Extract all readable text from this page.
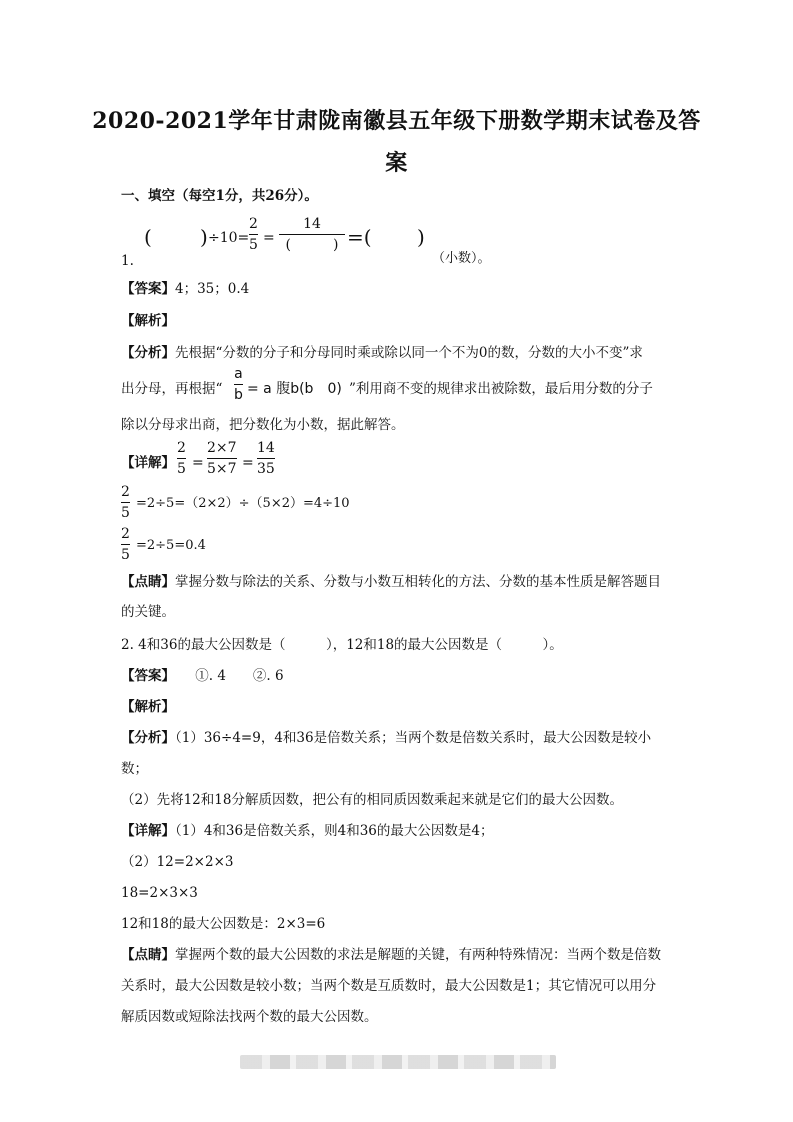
2020-2021学年甘肃陇南徽县五年级下册数学期末试卷及答
案
一、填空（每空1分，共26分）。
( ) ÷10=
2
5 =
14
(　　　) =( )
1.	（小数）。
【答案】4；35；0.4
【解析】
【分析】先根据“分数的分子和分母同时乘或除以同一个不为0的数，分数的大小不变”求
出分母，再根据“
a
b = a 腹b(b　0) ”利用商不变的规律求出被除数，最后用分数的分子
除以分母求出商，把分数化为小数，据此解答。
【详解】
2
5 =
2×7
5×7 =
14
35
2
5
=2÷5=（2×2）÷（5×2）=4÷10
2
5
=2÷5=0.4
【点睛】掌握分数与除法的关系、分数与小数互相转化的方法、分数的基本性质是解答题目
的关键。
2. 4和36的最大公因数是（　　　），12和18的最大公因数是（　　　）。
【答案】　　①. 4　　②. 6
【解析】
【分析】（1）36÷4=9，4和36是倍数关系；当两个数是倍数关系时，最大公因数是较小
数；
（2）先将12和18分解质因数，把公有的相同质因数乘起来就是它们的最大公因数。
【详解】（1）4和36是倍数关系，则4和36的最大公因数是4；
（2）12=2×2×3
18=2×3×3
12和18的最大公因数是：2×3=6
【点睛】掌握两个数的最大公因数的求法是解题的关键，有两种特殊情况：当两个数是倍数
关系时，最大公因数是较小数；当两个数是互质数时，最大公因数是1；其它情况可以用分
解质因数或短除法找两个数的最大公因数。
